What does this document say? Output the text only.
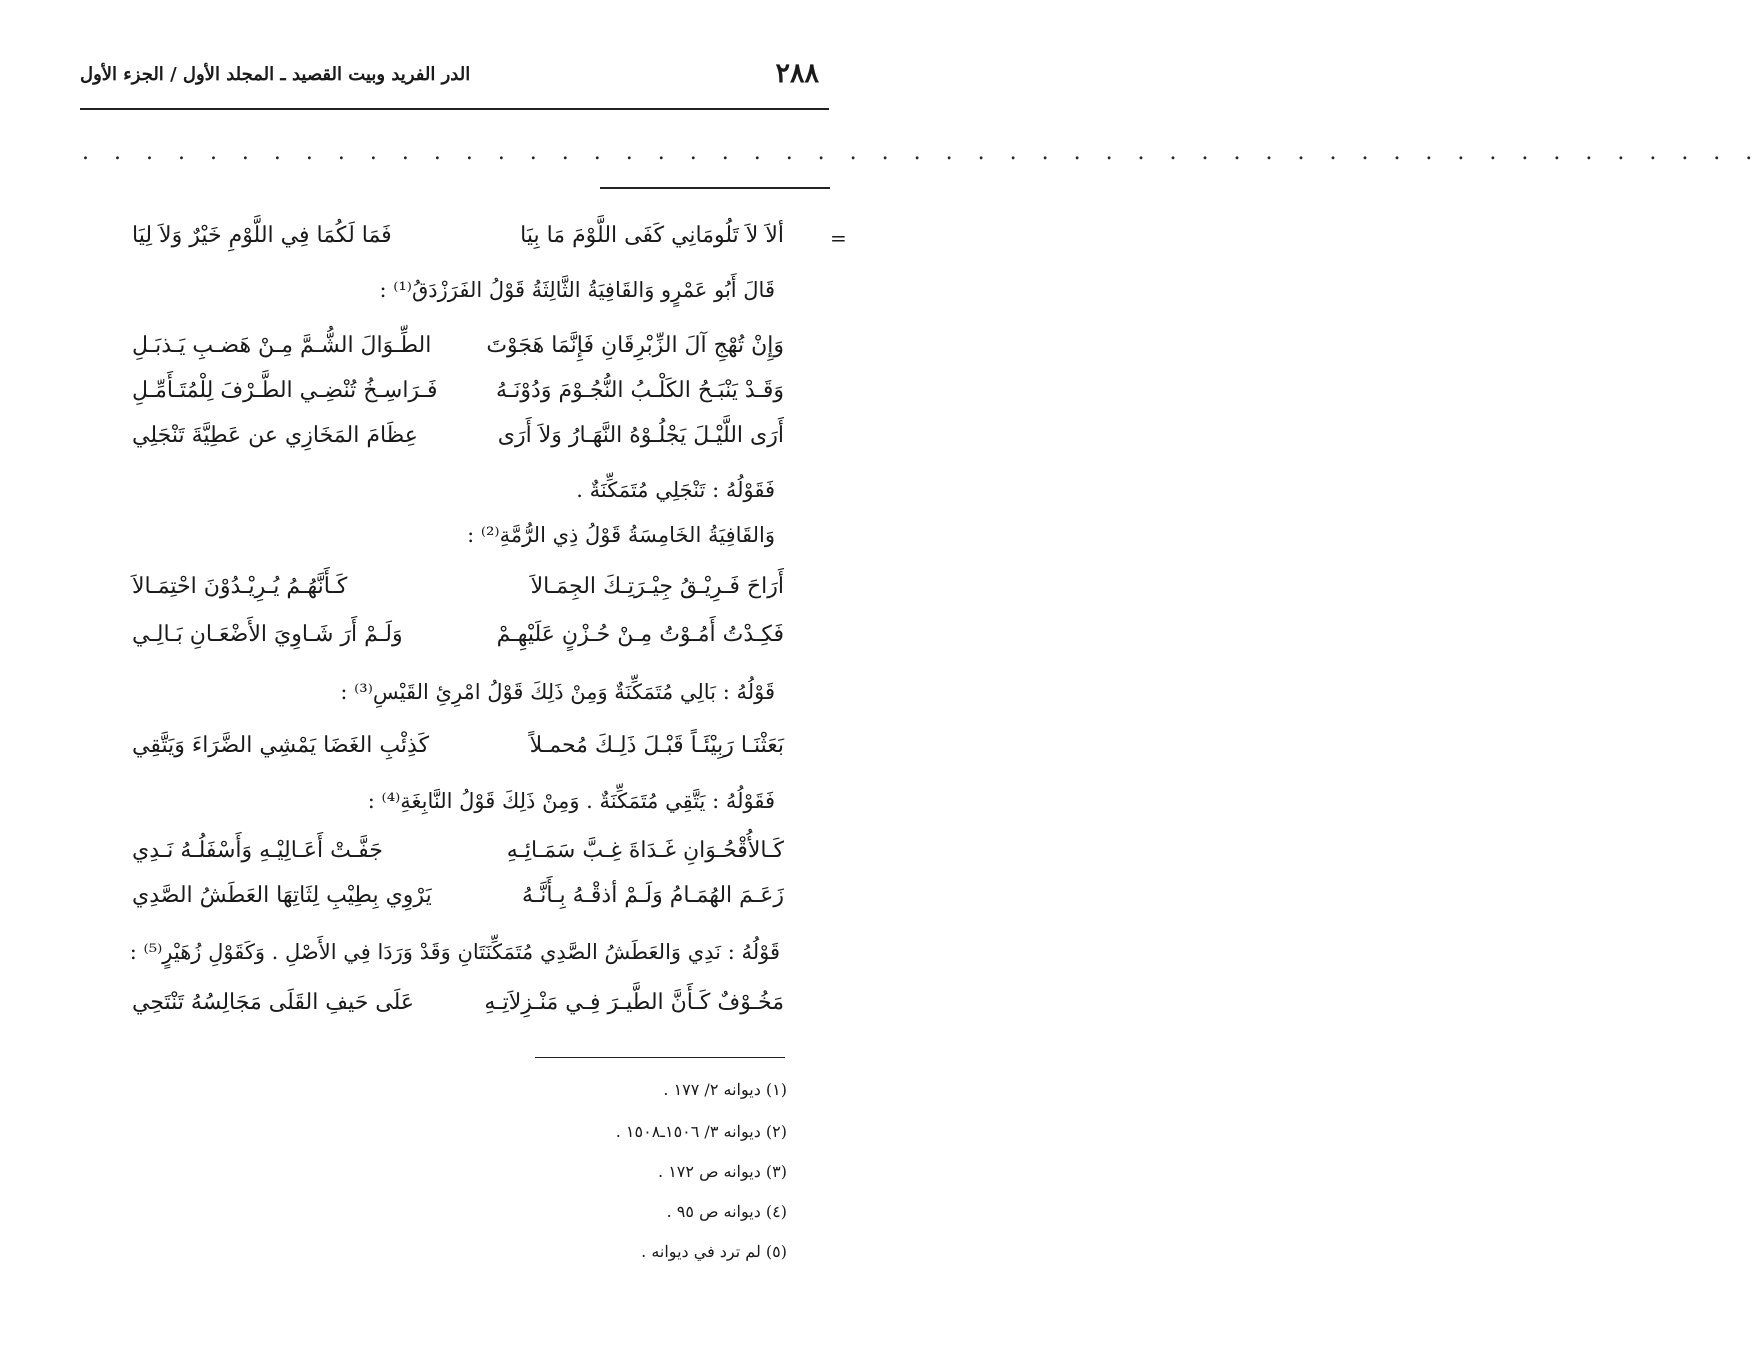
٢٨٨
الدر الفريد وبيت القصيد ـ المجلد الأول / الجزء الأول
. . . . . . . . . . . . . . . . . . . . . . . . . . . . . . . . . . . . . . . . . . . . . . . . . . . . .
=
ألاَ لاَ تَلُومَانِي كَفَى اللَّوْمَ مَا بِيَا
فَمَا لَكُمَا فِي اللَّوْمِ خَيْرٌ وَلاَ لِيَا
قَالَ أَبُو عَمْرٍو وَالقَافِيَةُ الثَّالِثَةُ قَوْلُ الفَرَزْدَقُ⁽¹⁾ :
وَإِنْ تُهْجِ آلَ الزِّبْرِقَانِ فَإِنَّمَا هَجَوْتَ
الطِّـوَالَ الشُّـمَّ مِـنْ هَضـبِ يَـذبَـلِ
وَقَـدْ يَنْبَـحُ الكَلْـبُ النُّجُـوْمَ وَدُوْنَـهُ
فَـرَاسِـخُ تُنْضِـي الطَّـرْفَ لِلْمُتَـأَمِّـلِ
أَرَى اللَّيْـلَ يَجْلُـوْهُ النَّهَـارُ وَلاَ أَرَى
عِظَامَ المَخَازِي عن عَطِيَّةَ تَنْجَلِي
فَقَوْلُهُ : تَنْجَلِي مُتَمَكِّنَةٌ .
وَالقَافِيَةُ الخَامِسَةُ قَوْلُ ذِي الرُّمَّةِ⁽²⁾ :
أَرَاحَ فَـرِيْـقُ جِيْـرَتِـكَ الجِمَـالاَ
كَـأَنَّهُـمُ يُـرِيْـدُوْنَ احْتِمَـالاَ
فَكِـدْتُ أَمُـوْتُ مِـنْ حُـزْنٍ عَلَيْهِـمْ
وَلَـمْ أَرَ شَـاوِيَ الأَضْعَـانِ بَـالِـي
قَوْلُهُ : بَالِي مُتَمَكِّنَةٌ وَمِنْ ذَلِكَ قَوْلُ امْرِئِ القَيْسِ⁽³⁾ :
بَعَثْنَـا رَبِيْئَـاً قَبْـلَ ذَلِـكَ مُحمـلاً
كَذِئْبِ الغَضَا يَمْشِي الضَّرَاءَ وَيَتَّقِي
فَقَوْلُهُ : يَتَّقِي مُتَمَكِّنَةٌ . وَمِنْ ذَلِكَ قَوْلُ النَّابِغَةِ⁽⁴⁾ :
كَـالأُقْحُـوَانِ غَـدَاةَ غِـبَّ سَمَـائِـهِ
جَفَّـتْ أَعَـالِيْـهِ وَأَسْفَلُـهُ نَـدِي
زَعَـمَ الهُمَـامُ وَلَـمْ أذقْـهُ بِـأَنَّـهُ
يَرْوِي بِطِيْبِ لِثَاتِهَا العَطَشُ الصَّدِي
قَوْلُهُ : نَدِي وَالعَطَشُ الصَّدِي مُتَمَكِّنَتَانِ وَقَدْ وَرَدَا فِي الأَصْلِ . وَكَقَوْلِ زُهَيْرٍ⁽⁵⁾ :
مَخُـوْفٌ كَـأَنَّ الطَّيـرَ فِـي مَنْـزِلاَتِـهِ
عَلَى حَيفِ القَلَى مَجَالِسُهُ تَنْتَحِي
(١) ديوانه ٢/ ١٧٧ .
(٢) ديوانه ٣/ ١٥٠٦ـ١٥٠٨ .
(٣) ديوانه ص ١٧٢ .
(٤) ديوانه ص ٩٥ .
(٥) لم ترد في ديوانه .
